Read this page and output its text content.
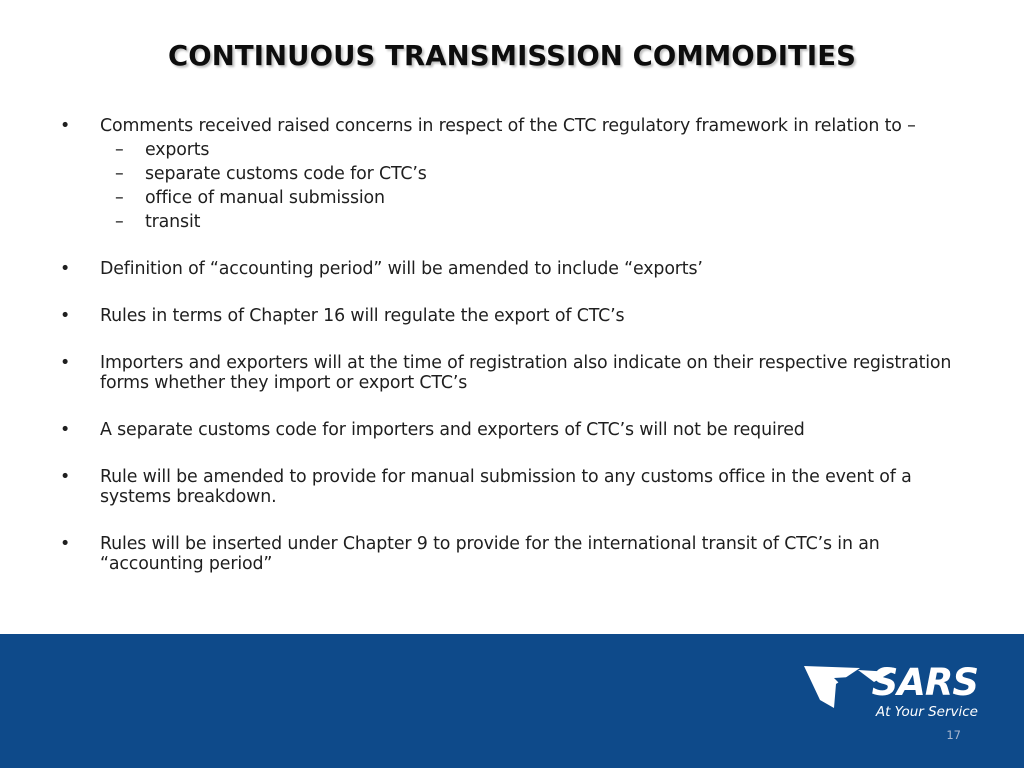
CONTINUOUS TRANSMISSION COMMODITIES
•	Comments received raised concerns in respect of the CTC regulatory framework in relation to –
– exports
– separate customs code for CTC’s
– office of manual submission
– transit
•	Definition of “accounting period” will be amended to include “exports’
•	Rules in terms of Chapter 16 will regulate the export of CTC’s
•	Importers and exporters will at the time of registration also indicate on their respective registration forms whether they import or export CTC’s
•	A separate customs code for importers and exporters of CTC’s will not be required
•	Rule will be amended to provide for manual submission to any customs office in the event of a systems breakdown.
•	Rules will be inserted under Chapter 9 to provide for the international transit of CTC’s in an “accounting period”
SARS
At Your Service
17
